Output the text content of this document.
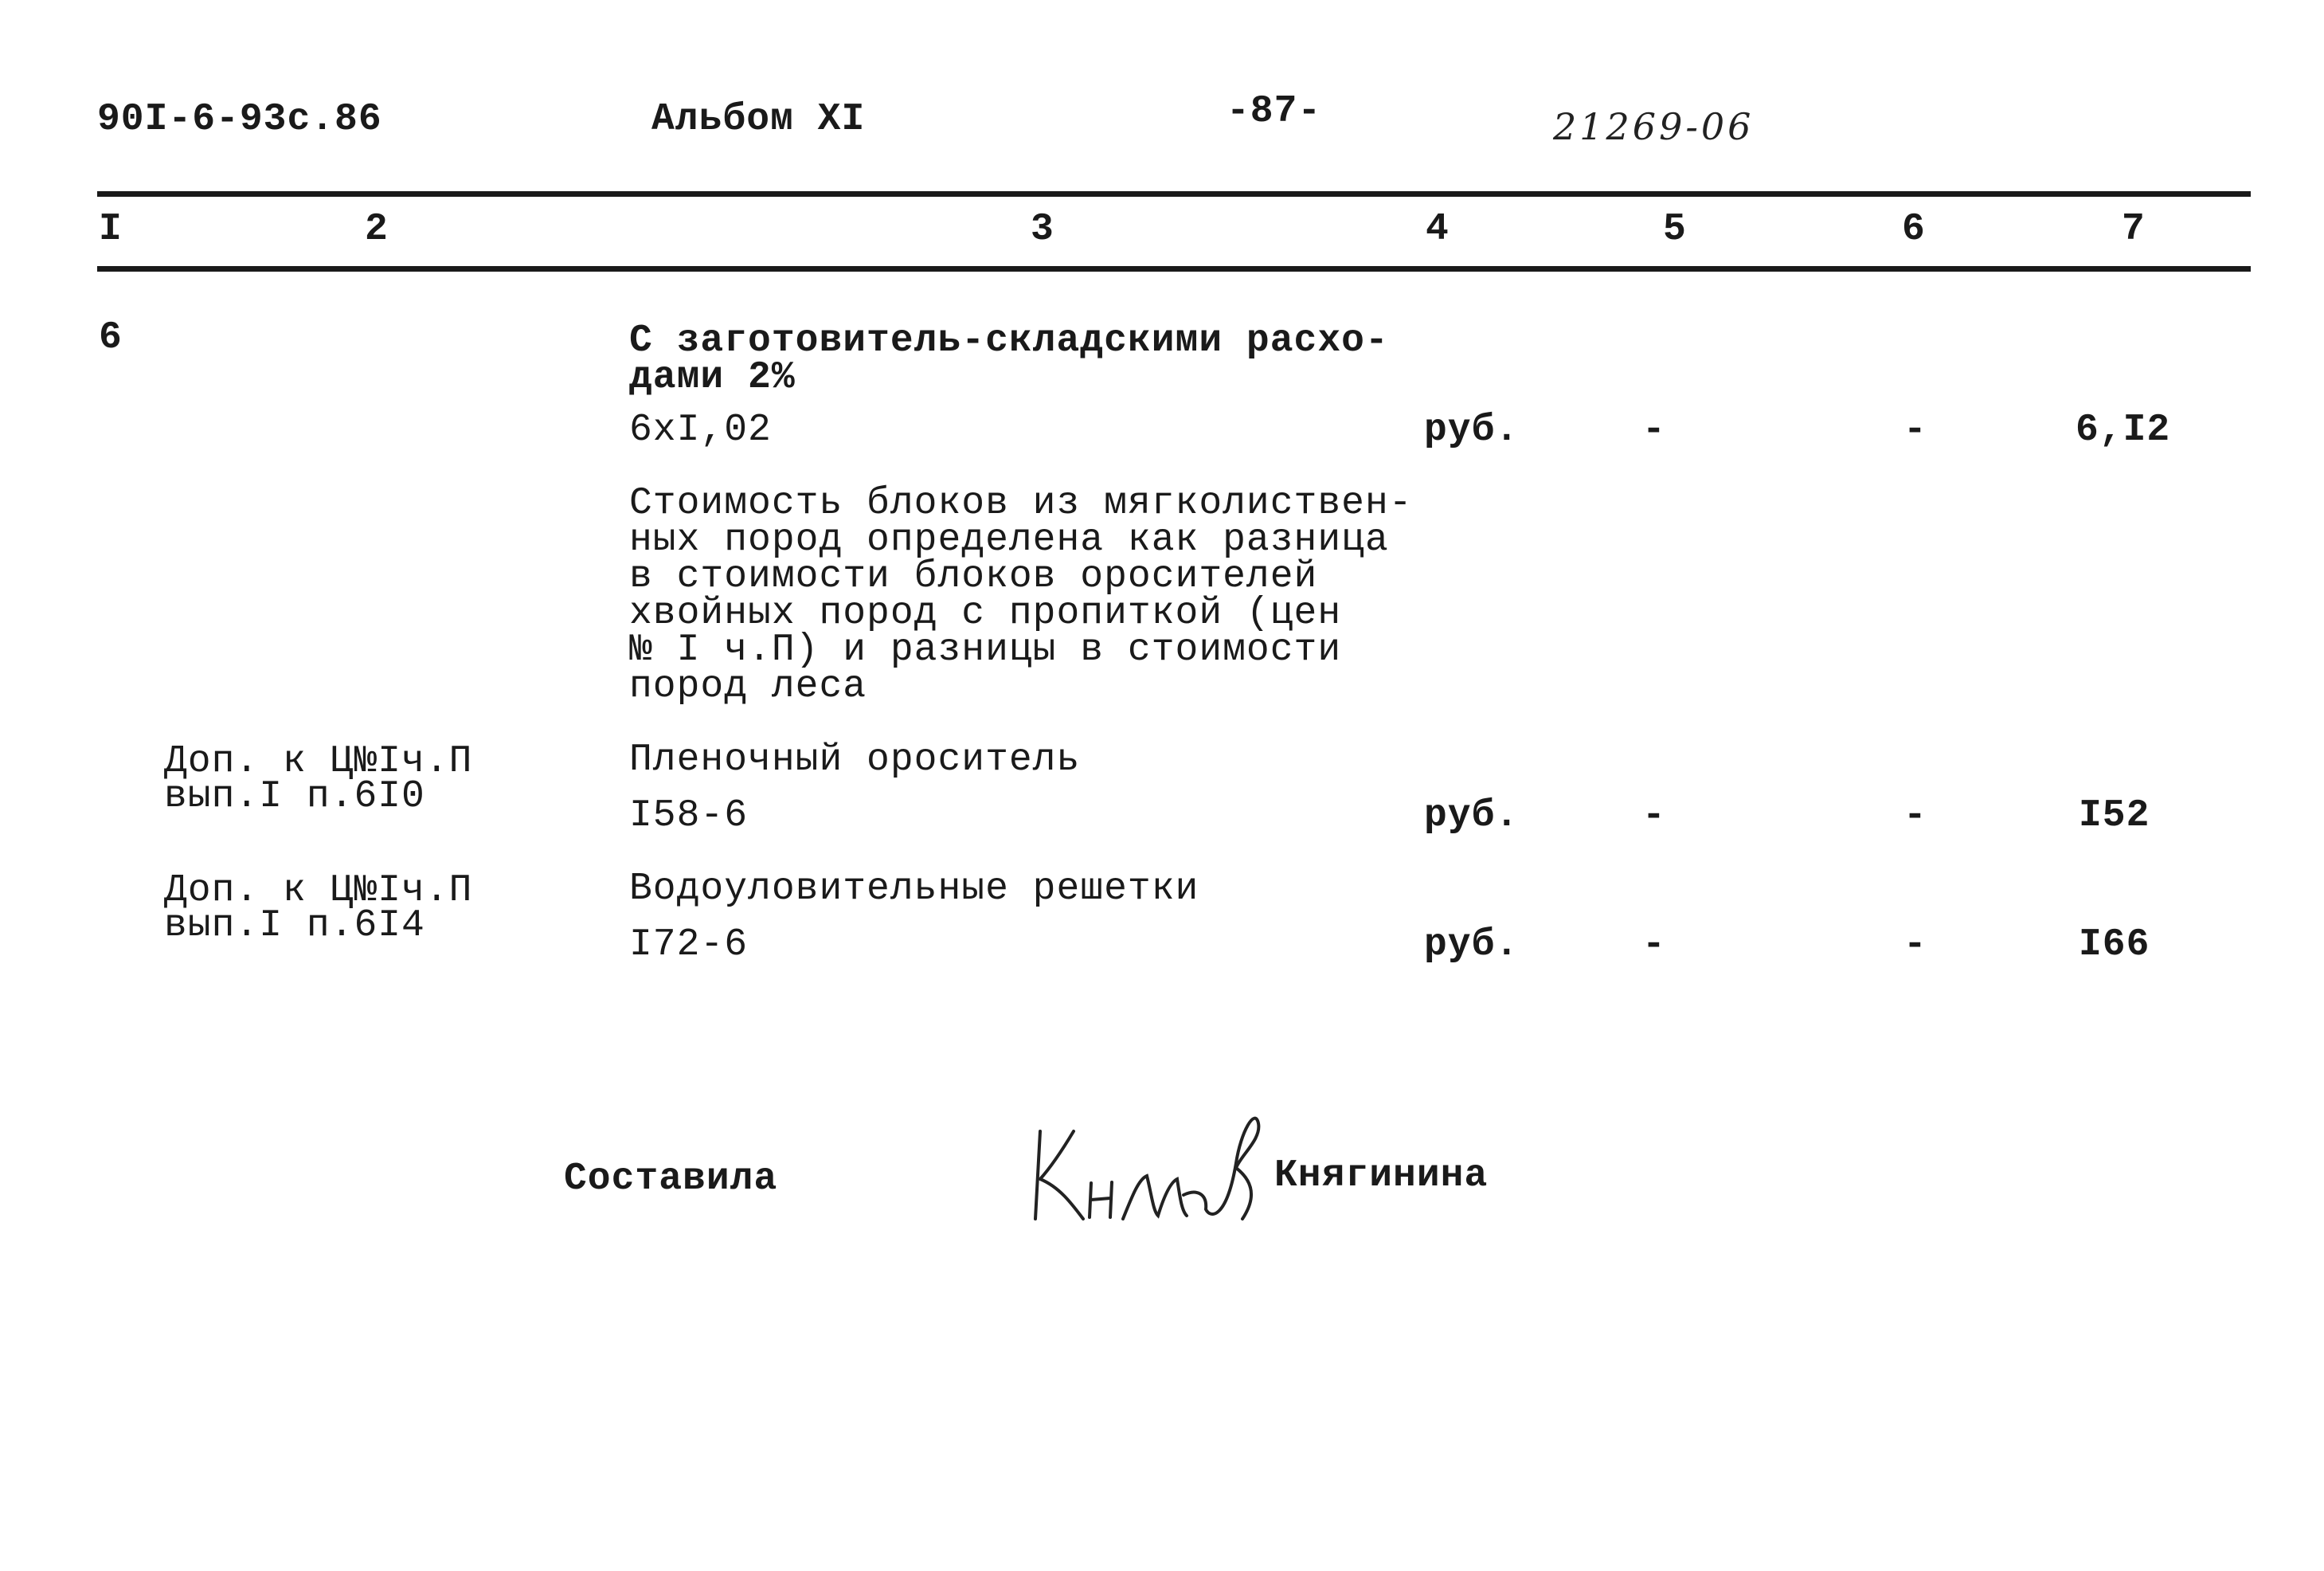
90I-6-93с.86	Альбом XI	-87-	21269-06
I	2	3	4	5	6	7
6	С заготовитель-складскими расхо-
дами 2%
6хI,02	руб.	-	-	6,I2
Стоимость блоков из мягколиствен-
ных пород определена как разница
в стоимости блоков оросителей
хвойных пород с пропиткой (цен
№ I ч.П) и разницы в стоимости
пород леса
Доп. к Ц№Iч.П
вып.I п.6I0
Пленочный ороситель
I58-6	руб.	-	-	I52
Доп. к Ц№Iч.П
вып.I п.6I4
Водоуловительные решетки
I72-6	руб.	-	-	I66
Составила	Княгинина
